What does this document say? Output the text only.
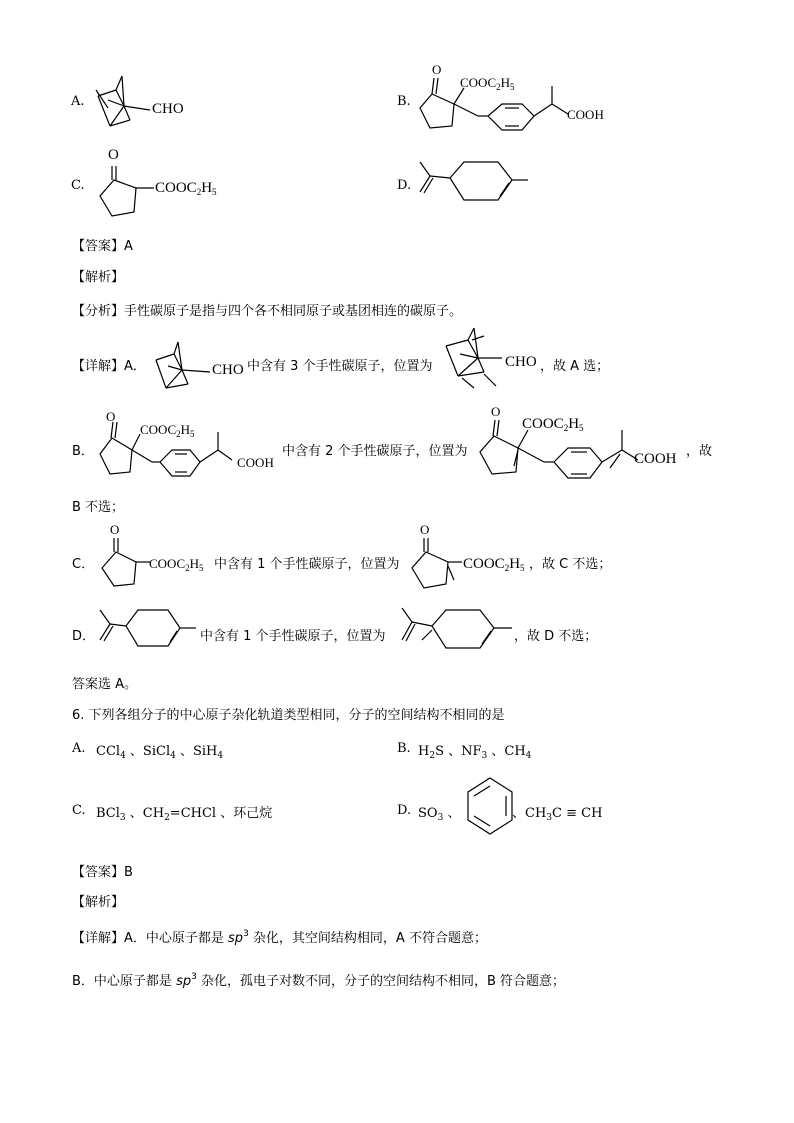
A.	CHO	B.
$COOC_2H_5$
COOH
O
C.
O
$COOC_2H_5$	D.
【答案】A
【解析】
【分析】手性碳原子是指与四个各不相同原子或基团相连的碳原子。
【详解】A．	CHO 中含有 3 个手性碳原子，位置为	CHO ，故 A 选；
B．
O
$COOC_2H_5$
COOH
中含有 2 个手性碳原子，位置为
O
$COOC_2H_5$
COOH ，故
B 不选；
C．
O
$COOC_2H_5$ 中含有 1 个手性碳原子，位置为
O
$COOC_2H_5$ ，故 C 不选；
D．	中含有 1 个手性碳原子，位置为	，故 D 不选；
答案选 A。
6. 下列各组分子的中心原子杂化轨道类型相同，分子的空间结构不相同的是
A. CCl$_4$ 、SiCl$_4$ 、SiH$_4$	B. $H_2S$ 、$NF_3$ 、$CH_4$
C. BCl$_3$ 、$CH_2=CHCl$ 、环己烷	D. $SO_3$ 、	、$CH_3C$ ≡ CH
【答案】B
【解析】
【详解】A．中心原子都是 $sp^3$ 杂化，其空间结构相同，A 不符合题意；
B．中心原子都是 $sp^3$ 杂化，孤电子对数不同，分子的空间结构不相同，B 符合题意；
